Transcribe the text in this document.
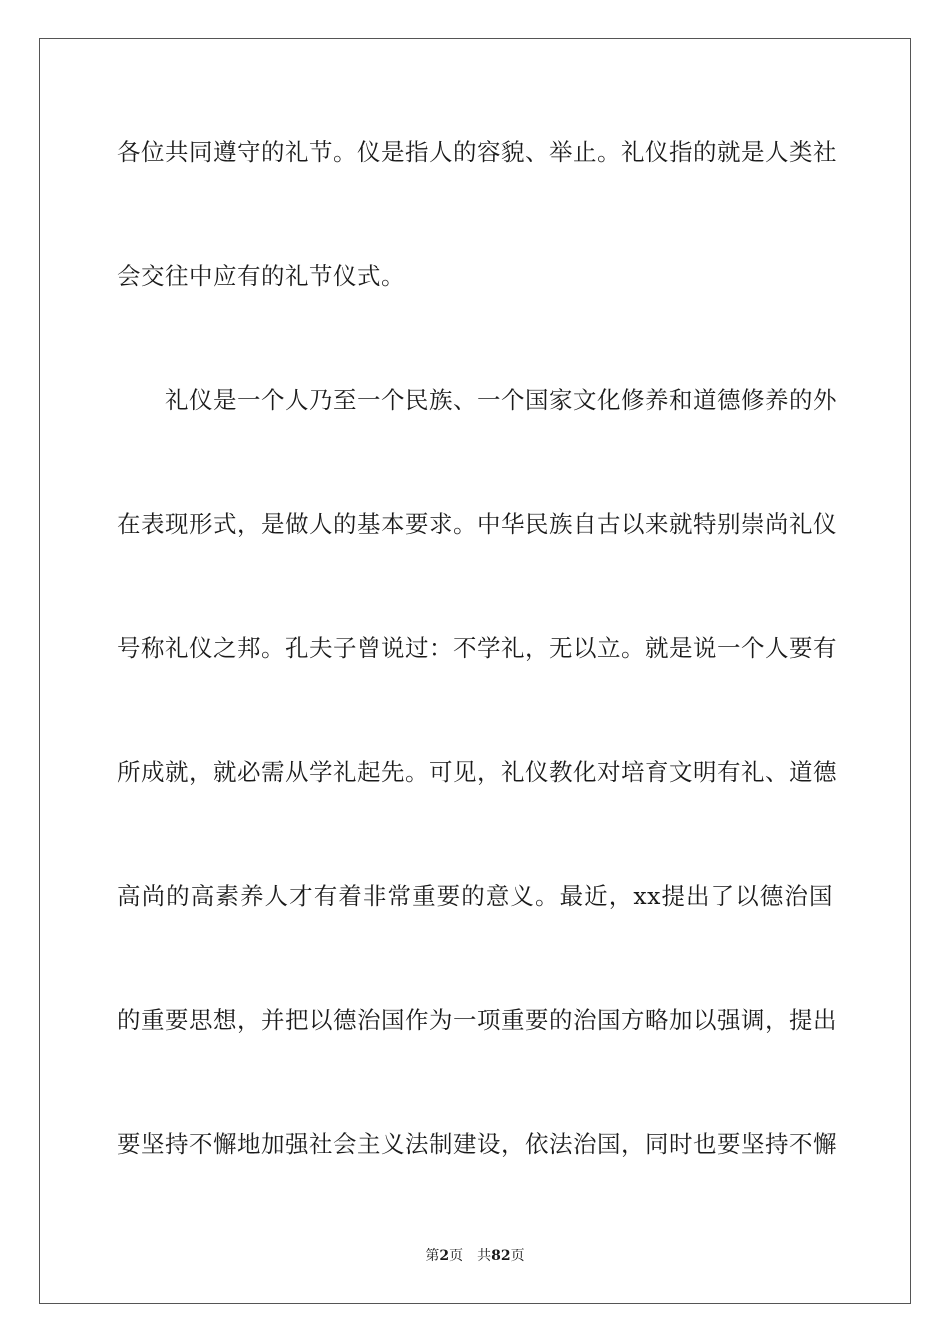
各位共同遵守的礼节。仪是指人的容貌、举止。礼仪指的就是人类社
会交往中应有的礼节仪式。
礼仪是一个人乃至一个民族、一个国家文化修养和道德修养的外
在表现形式，是做人的基本要求。中华民族自古以来就特别崇尚礼仪
号称礼仪之邦。孔夫子曾说过：不学礼，无以立。就是说一个人要有
所成就，就必需从学礼起先。可见，礼仪教化对培育文明有礼、道德
高尚的高素养人才有着非常重要的意义。最近，xx提出了以德治国
的重要思想，并把以德治国作为一项重要的治国方略加以强调，提出
要坚持不懈地加强社会主义法制建设，依法治国，同时也要坚持不懈
第2页 共82页
